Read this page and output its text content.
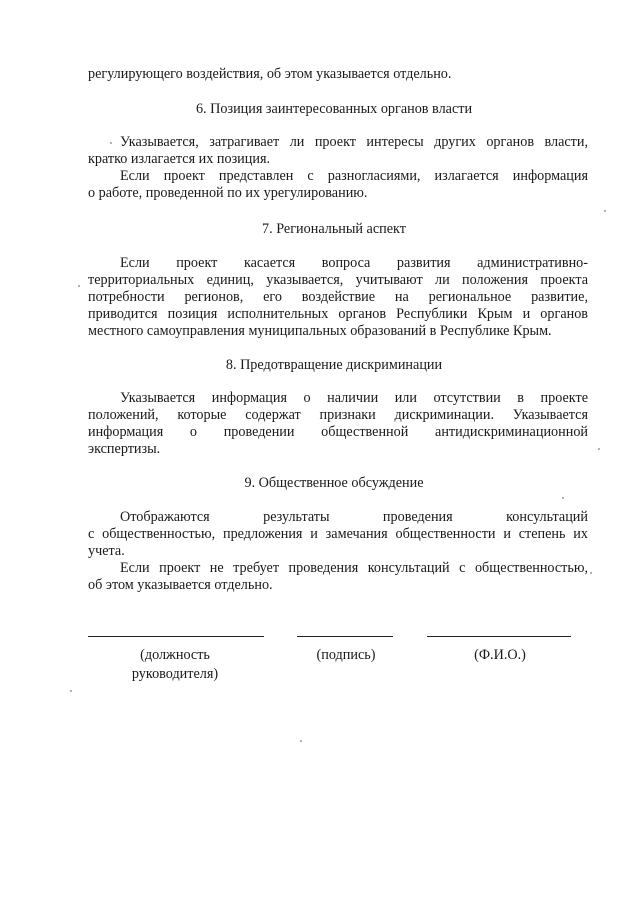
регулирующего воздействия, об этом указывается отдельно.
6. Позиция заинтересованных органов власти
Указывается, затрагивает ли проект интересы других органов власти,
кратко излагается их позиция.
Если проект представлен с разногласиями, излагается информация
о работе, проведенной по их урегулированию.
7. Региональный аспект
Если проект касается вопроса развития административно-
территориальных единиц, указывается, учитывают ли положения проекта
потребности регионов, его воздействие на региональное развитие,
приводится позиция исполнительных органов Республики Крым и органов
местного самоуправления муниципальных образований в Республике Крым.
8. Предотвращение дискриминации
Указывается информация о наличии или отсутствии в проекте
положений, которые содержат признаки дискриминации. Указывается
информация о проведении общественной антидискриминационной
экспертизы.
9. Общественное обсуждение
Отображаются результаты проведения консультаций
с общественностью, предложения и замечания общественности и степень их
учета.
Если проект не требует проведения консультаций с общественностью,
об этом указывается отдельно.
(должность
руководителя)
(подпись)	(Ф.И.О.)
